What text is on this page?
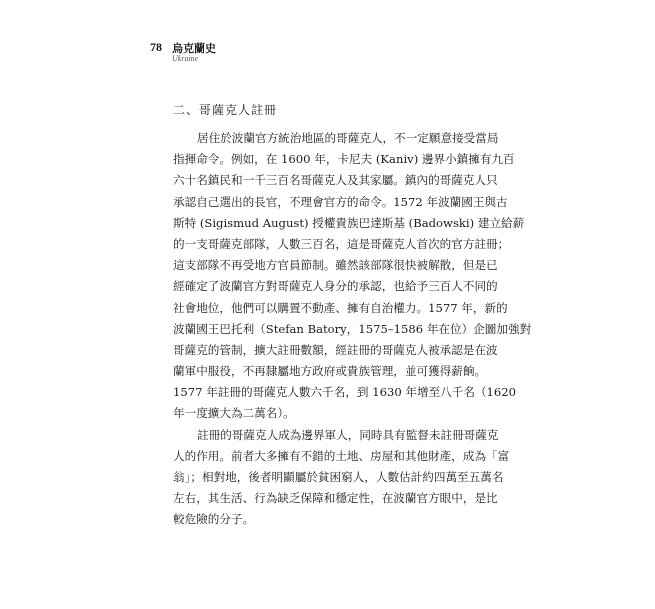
78 烏克蘭史
Ukraine
二、哥薩克人註冊
居住於波蘭官方統治地區的哥薩克人，不一定願意接受當局
指揮命令。例如，在 1600 年，卡尼夫 (Kaniv) 邊界小鎮擁有九百
六十名鎮民和一千三百名哥薩克人及其家屬。鎮內的哥薩克人只
承認自己選出的長官，不理會官方的命令。1572 年波蘭國王與古
斯特 (Sigismud August) 授權貴族巴達斯基 (Badowski) 建立給薪
的一支哥薩克部隊，人數三百名，這是哥薩克人首次的官方註冊；
這支部隊不再受地方官員節制。雖然該部隊很快被解散，但是已
經確定了波蘭官方對哥薩克人身分的承認，也給予三百人不同的
社會地位，他們可以購置不動產、擁有自治權力。1577 年，新的
波蘭國王巴托利（Stefan Batory，1575–1586 年在位）企圖加強對
哥薩克的管制，擴大註冊數額，經註冊的哥薩克人被承認是在波
蘭軍中服役，不再隸屬地方政府或貴族管理，並可獲得薪餉。
1577 年註冊的哥薩克人數六千名，到 1630 年增至八千名（1620
年一度擴大為二萬名）。
註冊的哥薩克人成為邊界軍人，同時具有監督未註冊哥薩克
人的作用。前者大多擁有不錯的土地、房屋和其他財產，成為「富
翁」；相對地，後者明顯屬於貧困窮人，人數估計約四萬至五萬名
左右，其生活、行為缺乏保障和穩定性，在波蘭官方眼中，是比
較危險的分子。
